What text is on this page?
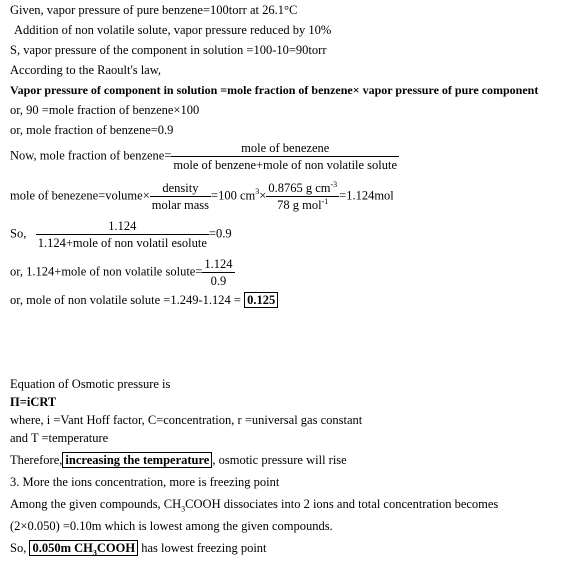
Given, vapor pressure of pure benzene=100torr at 26.1°C
Addition of non volatile solute, vapor pressure reduced by 10%
S, vapor pressure of the component in solution =100-10=90torr
According to the Raoult's law,
Vapor pressure of component in solution =mole fraction of benzene× vapor pressure of pure component
or, 90 =mole fraction of benzene×100
or, mole fraction of benzene=0.9
Now, mole fraction of benzene= $\frac{\text{mole of benezene}}{\text{mole of benzene+mole of non volatile solute}}$
mole of benezene=volume× $\frac{\text{density}}{\text{molar mass}} =100$ $cm^3\times \frac{0.8765 g cm^{-3}}{78 g mol^{-1}} =1.124mol$
So, $\frac{1.124}{\text{1.124+mole of non volatil esolute}} =0.9$
or, 1.124+mole of non volatile solute= $\frac{1.124}{0.9}$
or, mole of non volatile solute =1.249-1.124 = 0.125
Equation of Osmotic pressure is
Π=iCRT
where, i =Vant Hoff factor, C=concentration, r =universal gas constant
and T =temperature
Therefore, increasing the temperature , osmotic pressure will rise
3. More the ions concentration, more is freezing point
Among the given compounds, $CH_3COOH$ dissociates into 2 ions and total concentration becomes
(2×0.050) =0.10m which is lowest among the given compounds.
So, 0.050m $CH_3COOH$ has lowest freezing point
